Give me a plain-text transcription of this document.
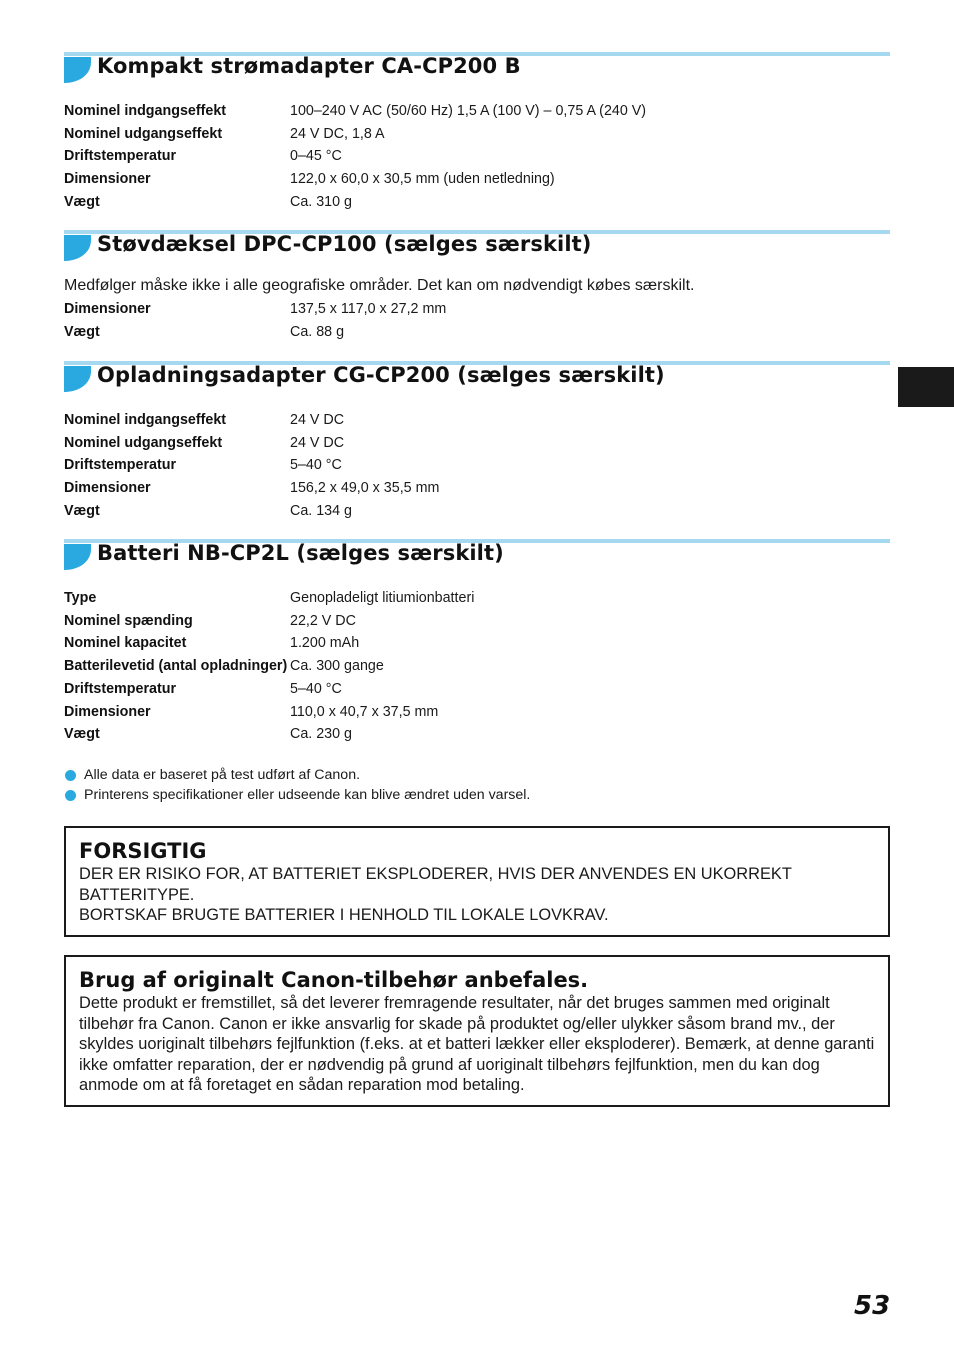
Kompakt strømadapter CA-CP200 B
Nominel indgangseffekt	100–240 V AC (50/60 Hz) 1,5 A (100 V) – 0,75 A (240 V)
Nominel udgangseffekt	24 V DC, 1,8 A
Driftstemperatur	0–45 °C
Dimensioner	122,0 x 60,0 x 30,5 mm (uden netledning)
Vægt	Ca. 310 g
Støvdæksel DPC-CP100 (sælges særskilt)
Medfølger måske ikke i alle geografiske områder. Det kan om nødvendigt købes særskilt.
Dimensioner	137,5 x 117,0 x 27,2 mm
Vægt	Ca. 88 g
Opladningsadapter CG-CP200 (sælges særskilt)
Nominel indgangseffekt	24 V DC
Nominel udgangseffekt	24 V DC
Driftstemperatur	5–40 °C
Dimensioner	156,2 x 49,0 x 35,5 mm
Vægt	Ca. 134 g
Batteri NB-CP2L (sælges særskilt)
Type	Genopladeligt litiumionbatteri
Nominel spænding	22,2 V DC
Nominel kapacitet	1.200 mAh
Batterilevetid (antal opladninger)	Ca. 300 gange
Driftstemperatur	5–40 °C
Dimensioner	110,0 x 40,7 x 37,5 mm
Vægt	Ca. 230 g
Alle data er baseret på test udført af Canon.
Printerens specifikationer eller udseende kan blive ændret uden varsel.
FORSIGTIG

DER ER RISIKO FOR, AT BATTERIET EKSPLODERER, HVIS DER ANVENDES EN UKORREKT BATTERITYPE.

BORTSKAF BRUGTE BATTERIER I HENHOLD TIL LOKALE LOVKRAV.

Brug af originalt Canon-tilbehør anbefales.

Dette produkt er fremstillet, så det leverer fremragende resultater, når det bruges sammen med originalt tilbehør fra Canon. Canon er ikke ansvarlig for skade på produktet og/eller ulykker såsom brand mv., der skyldes uoriginalt tilbehørs fejlfunktion (f.eks. at et batteri lækker eller eksploderer). Bemærk, at denne garanti ikke omfatter reparation, der er nødvendig på grund af uoriginalt tilbehørs fejlfunktion, men du kan dog anmode om at få foretaget en sådan reparation mod betaling.

53
